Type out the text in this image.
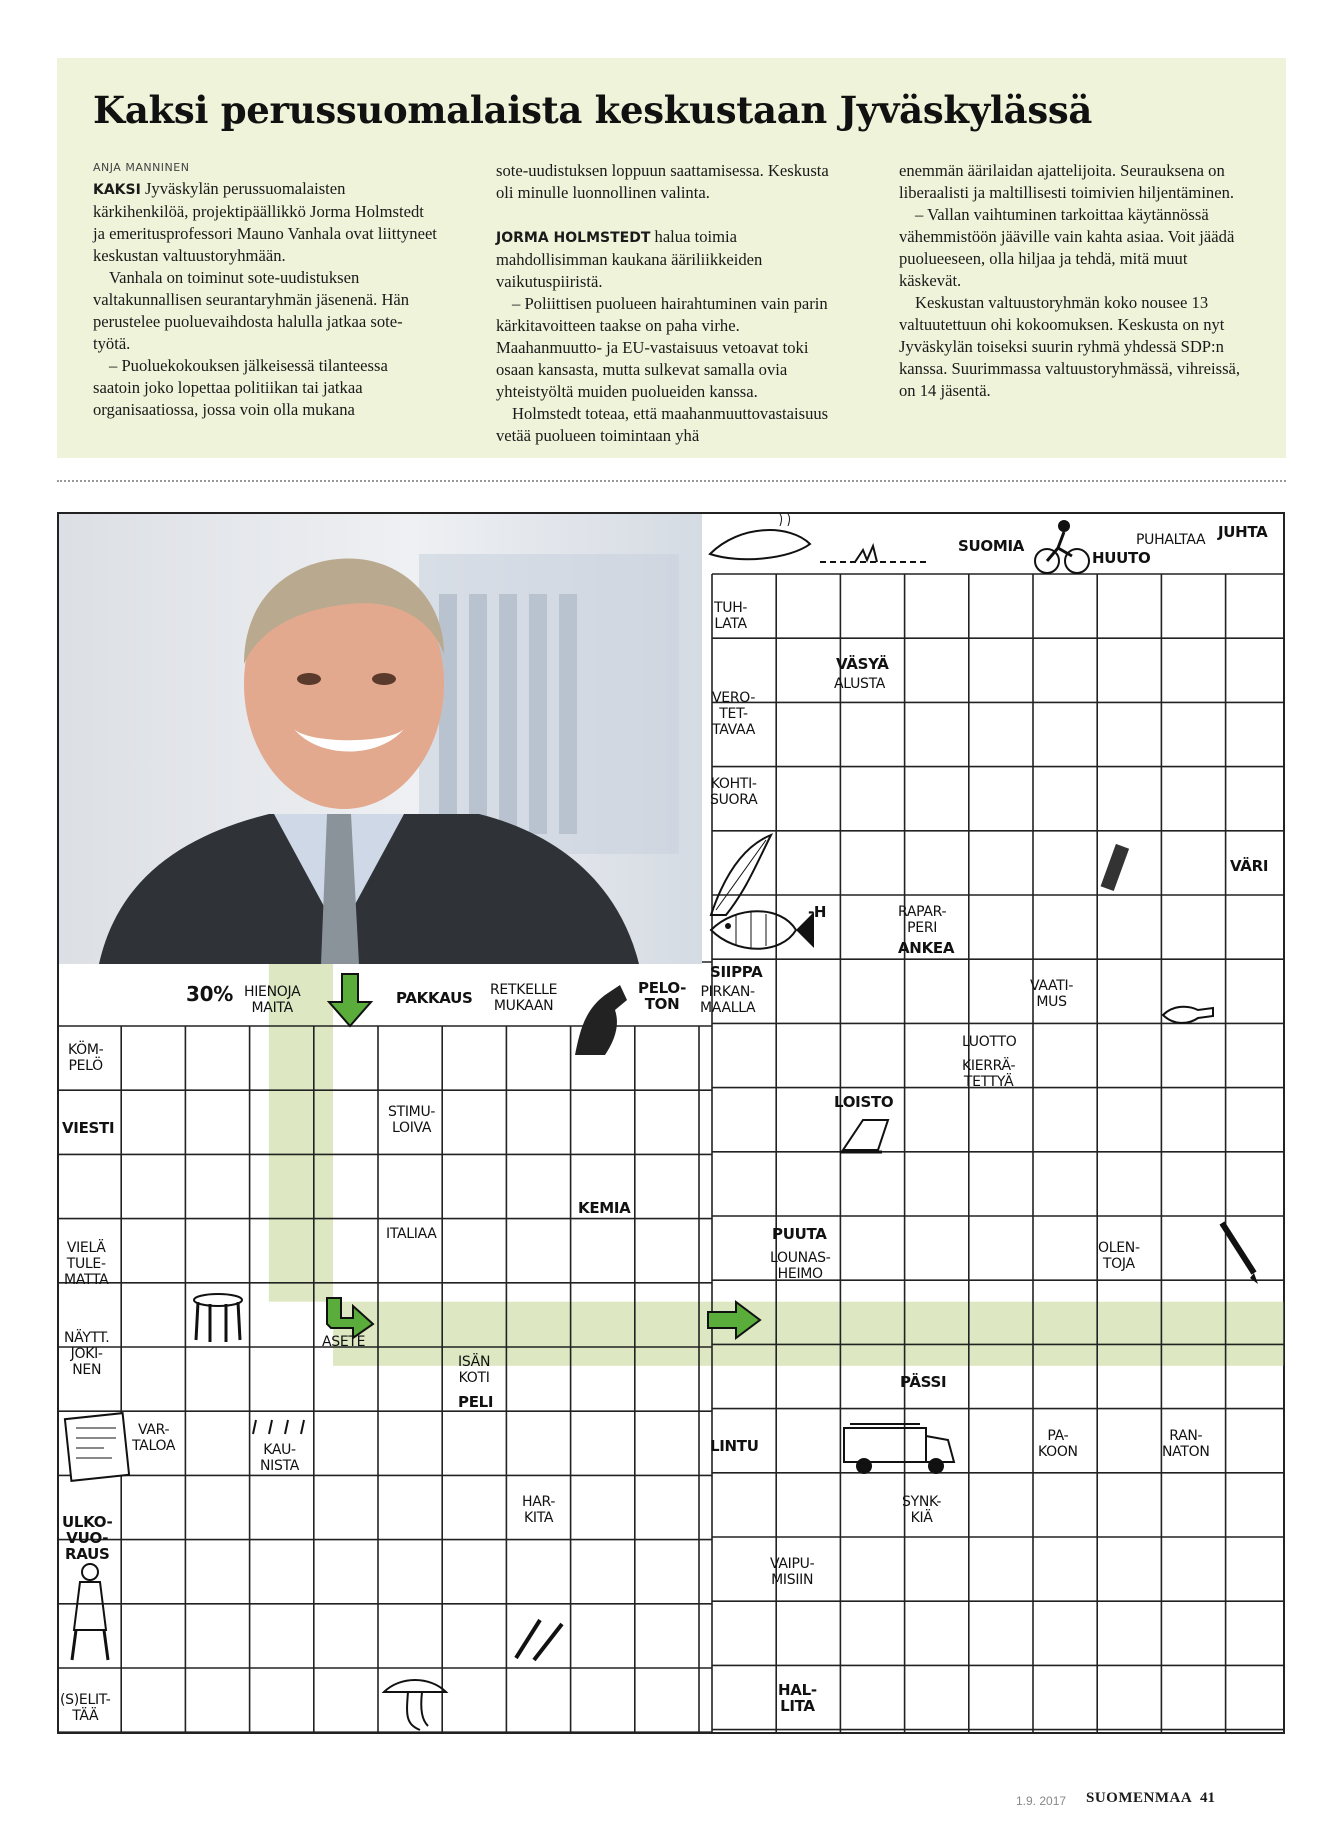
Kaksi perussuomalaista keskustaan Jyväskylässä

ANJA MANNINEN

KAKSI Jyväskylän perussuomalaisten kärkihenkilöä, projektipäällikkö Jorma Holmstedt ja emeritusprofessori Mauno Vanhala ovat liittyneet keskustan valtuustoryhmään.

Vanhala on toiminut sote-uudistuksen valtakunnallisen seurantaryhmän jäsenenä. Hän perustelee puoluevaihdosta halulla jatkaa sote-työtä.

– Puoluekokouksen jälkeisessä tilanteessa saatoin joko lopettaa politiikan tai jatkaa organisaatiossa, jossa voin olla mukana

sote-uudistuksen loppuun saattamisessa. Keskusta oli minulle luonnollinen valinta.

JORMA HOLMSTEDT halua toimia mahdollisimman kaukana ääriliikkeiden vaikutuspiiristä.

– Poliittisen puolueen hairahtuminen vain parin kärkitavoitteen taakse on paha virhe. Maahanmuutto- ja EU-vastaisuus vetoavat toki osaan kansasta, mutta sulkevat samalla ovia yhteistyöltä muiden puolueiden kanssa.

Holmstedt toteaa, että maahanmuuttovastaisuus vetää puolueen toimintaan yhä

enemmän äärilaidan ajattelijoita. Seurauksena on liberaalisti ja maltillisesti toimivien hiljentäminen.

– Vallan vaihtuminen tarkoittaa käytännössä vähemmistöön jääville vain kahta asiaa. Voit jäädä puolueeseen, olla hiljaa ja tehdä, mitä muut käskevät.

Keskustan valtuustoryhmän koko nousee 13 valtuutettuun ohi kokoomuksen. Keskusta on nyt Jyväskylän toiseksi suurin ryhmä yhdessä SDP:n kanssa. Suurimmassa valtuustoryhmässä, vihreissä, on 14 jäsentä.

SUOMIA
HUUTO
PUHALTAA JUHTA
TUH-
LATA
VÄSYÄ
ALUSTA
VERO-
TET-
TAVAA
KOHTI-
SUORA
VÄRI
-H	RAPAR-
PERI
ANKEA
SIIPPA
PIRKAN-
MAALLA
VAATI-
MUS
30% HIENOJA
MAITA
PAKKAUS RETKELLE
MUKAAN
PELO-
TON
KÖM-
PELÖ
LUOTTO
KIERRÄ-
TETTYÄ
VIESTI
STIMU-
LOIVA
LOISTO
KEMIA
ITALIAA	PUUTA
LOUNAS-
HEIMO
OLEN-
TOJA
VIELÄ
TULE-
MATTA
ASETE
NÄYTT.
JOKI-
NEN	ISÄN
KOTI
PELI
PÄSSI
VAR-
TALOA	KAU-
NISTA
LINTU
PA-
KOON
RAN-
NATON
HAR-
KITA
SYNK-
KIÄ
ULKO-
VUO-
RAUS
VAIPU-
MISIIN
(S)ELIT-
TÄÄ
HAL-
LITA
1.9. 2017 SUOMENMAA 41
